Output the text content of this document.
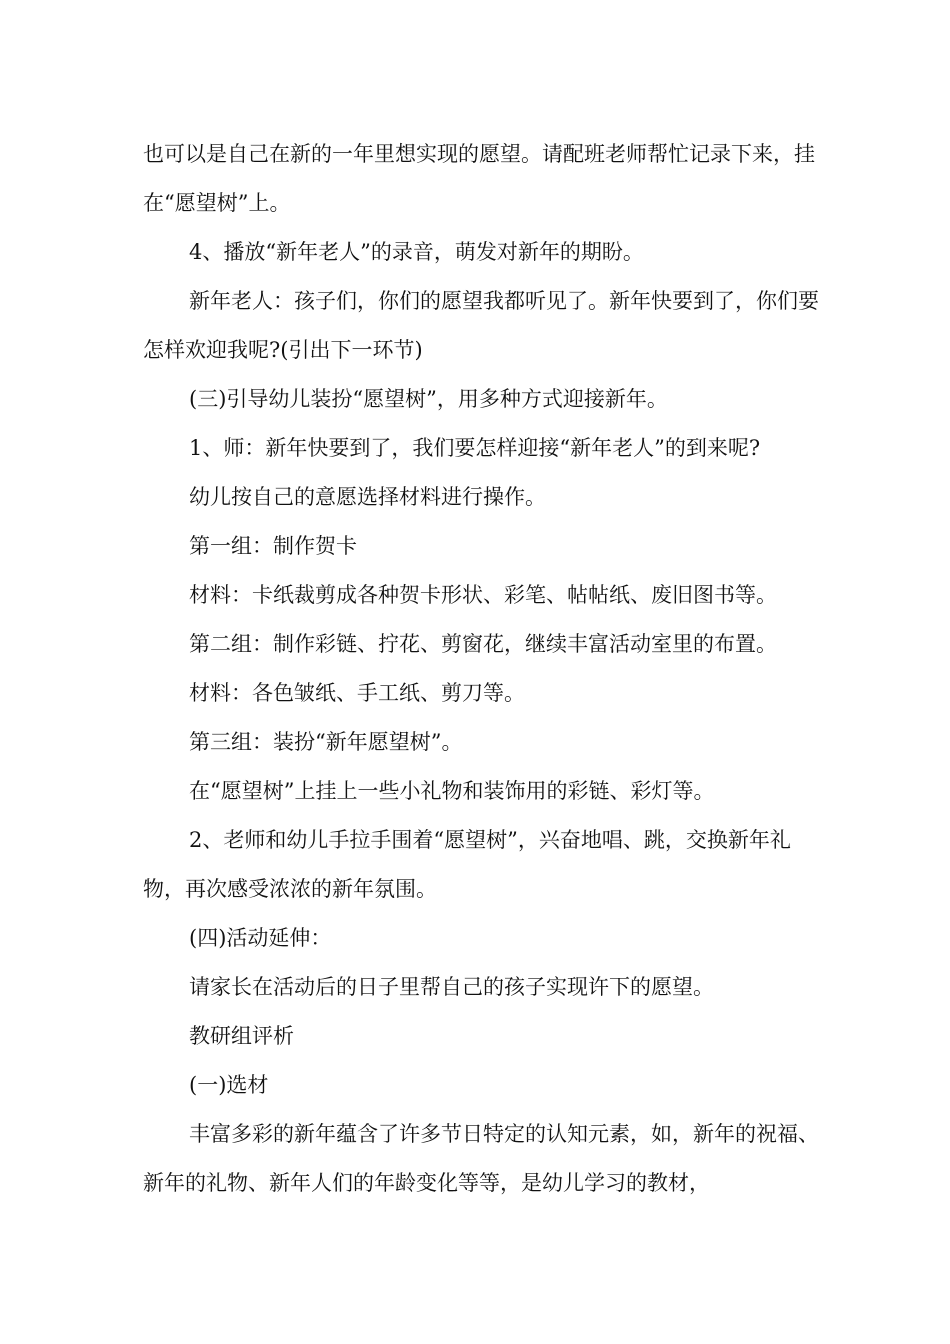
也可以是自己在新的一年里想实现的愿望。请配班老师帮忙记录下来，挂在“愿望树”上。

4、播放“新年老人”的录音，萌发对新年的期盼。

新年老人：孩子们，你们的愿望我都听见了。新年快要到了，你们要怎样欢迎我呢?(引出下一环节)

(三)引导幼儿装扮“愿望树”，用多种方式迎接新年。

1、师：新年快要到了，我们要怎样迎接“新年老人”的到来呢?

幼儿按自己的意愿选择材料进行操作。

第一组：制作贺卡

材料：卡纸裁剪成各种贺卡形状、彩笔、帖帖纸、废旧图书等。

第二组：制作彩链、拧花、剪窗花，继续丰富活动室里的布置。

材料：各色皱纸、手工纸、剪刀等。

第三组：装扮“新年愿望树”。

在“愿望树”上挂上一些小礼物和装饰用的彩链、彩灯等。

2、老师和幼儿手拉手围着“愿望树”，兴奋地唱、跳，交换新年礼物，再次感受浓浓的新年氛围。

(四)活动延伸：

请家长在活动后的日子里帮自己的孩子实现许下的愿望。

教研组评析

(一)选材

丰富多彩的新年蕴含了许多节日特定的认知元素，如，新年的祝福、新年的礼物、新年人们的年龄变化等等，是幼儿学习的教材，
